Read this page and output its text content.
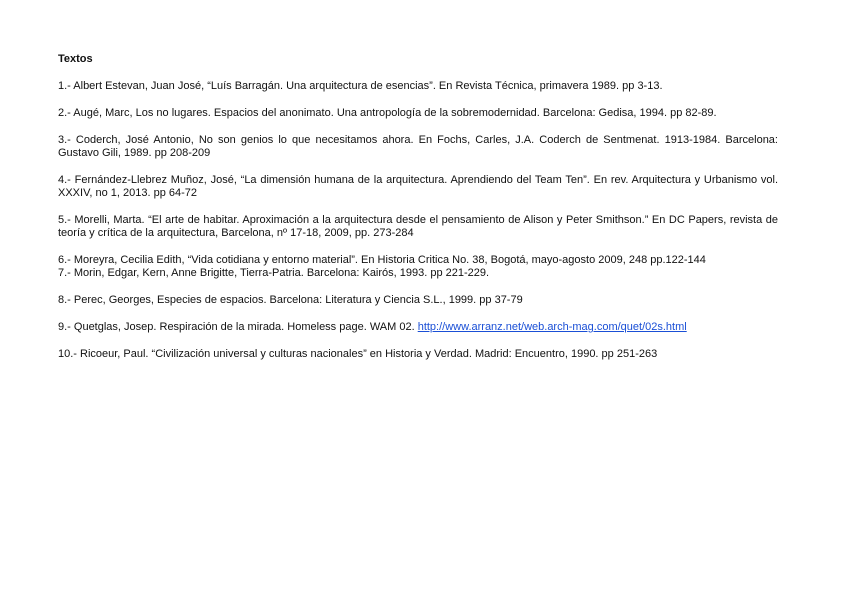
Textos
1.- Albert Estevan, Juan José, “Luís Barragán. Una arquitectura de esencias”. En Revista Técnica, primavera 1989. pp 3-13.
2.- Augé, Marc, Los no lugares. Espacios del anonimato. Una antropología de la sobremodernidad. Barcelona: Gedisa, 1994. pp 82-89.
3.- Coderch, José Antonio, No son genios lo que necesitamos ahora. En Fochs, Carles, J.A. Coderch de Sentmenat. 1913-1984. Barcelona: Gustavo Gili, 1989. pp 208-209
4.- Fernández-Llebrez Muñoz, José, “La dimensión humana de la arquitectura. Aprendiendo del Team Ten”. En rev. Arquitectura y Urbanismo vol. XXXIV, no 1, 2013. pp 64-72
5.- Morelli, Marta. “El arte de habitar. Aproximación a la arquitectura desde el pensamiento de Alison y Peter Smithson.” En DC Papers, revista de teoría y crítica de la arquitectura, Barcelona, nº 17-18, 2009, pp. 273-284
6.- Moreyra, Cecilia Edith, “Vida cotidiana y entorno material”. En Historia Critica No. 38, Bogotá, mayo-agosto 2009, 248 pp.122-144
7.- Morin, Edgar, Kern, Anne Brigitte, Tierra-Patria. Barcelona: Kairós, 1993. pp 221-229.
8.- Perec, Georges, Especies de espacios. Barcelona: Literatura y Ciencia S.L., 1999. pp 37-79
9.- Quetglas, Josep. Respiración de la mirada. Homeless page. WAM 02. http://www.arranz.net/web.arch-mag.com/quet/02s.html
10.- Ricoeur, Paul. “Civilización universal y culturas nacionales” en Historia y Verdad. Madrid: Encuentro, 1990. pp 251-263
